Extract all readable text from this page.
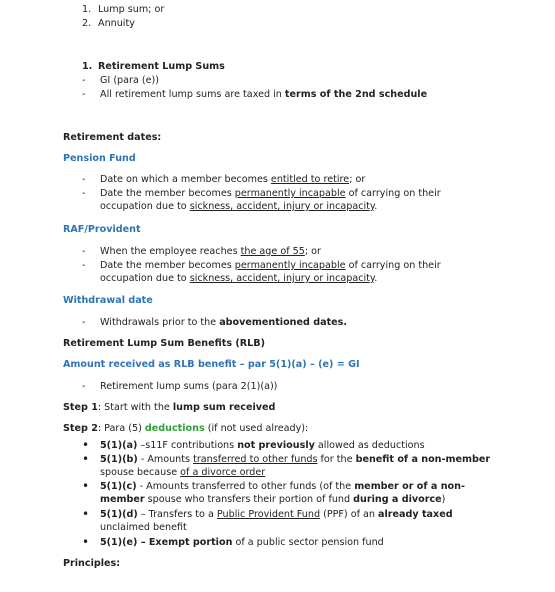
1. Lump sum; or
2. Annuity
1. Retirement Lump Sums
- GI (para (e))
- All retirement lump sums are taxed in terms of the 2nd schedule
Retirement dates:
Pension Fund
- Date on which a member becomes entitled to retire; or
- Date the member becomes permanently incapable of carrying on their
occupation due to sickness, accident, injury or incapacity.
RAF/Provident
- When the employee reaches the age of 55; or
- Date the member becomes permanently incapable of carrying on their
occupation due to sickness, accident, injury or incapacity.
Withdrawal date
- Withdrawals prior to the abovementioned dates.
Retirement Lump Sum Benefits (RLB)
Amount received as RLB benefit – par 5(1)(a) – (e) = GI
- Retirement lump sums (para 2(1)(a))
Step 1: Start with the lump sum received
Step 2: Para (5) deductions (if not used already):
• 5(1)(a) –s11F contributions not previously allowed as deductions
• 5(1)(b) - Amounts transferred to other funds for the benefit of a non-member
spouse because of a divorce order
• 5(1)(c) - Amounts transferred to other funds (of the member or of a non-
member spouse who transfers their portion of fund during a divorce)
• 5(1)(d) – Transfers to a Public Provident Fund (PPF) of an already taxed
unclaimed benefit
• 5(1)(e) – Exempt portion of a public sector pension fund
Principles:
